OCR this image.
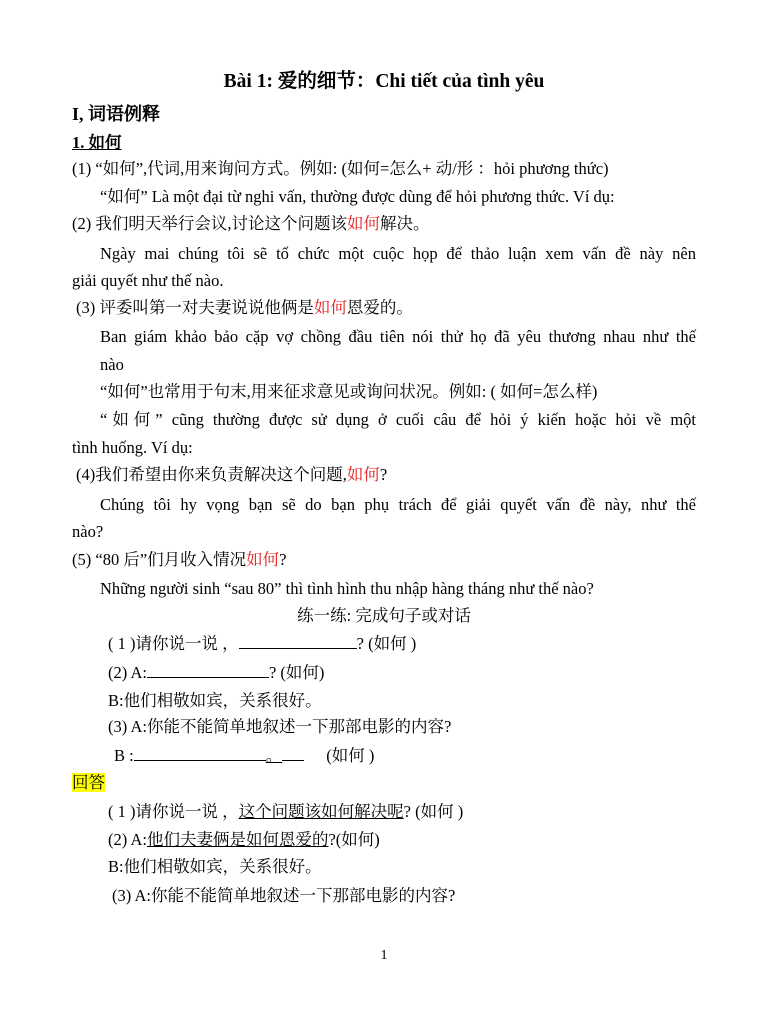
Bài 1: 爱的细节：Chi tiết của tình yêu
I, 词语例释
1. 如何
(1) “如何”,代词,用来询问方式。例如: (如何=怎么+ 动/形 ：hỏi phương thức)
“如何” Là một đại từ nghi vấn, thường được dùng để hỏi phương thức. Ví dụ:
(2) 我们明天举行会议,讨论这个问题该如何解决。
Ngày mai chúng tôi sẽ tổ chức một cuộc họp để thảo luận xem vấn đề này nên
giải quyết như thế nào.
(3) 评委叫第一对夫妻说说他俩是如何恩爱的。
Ban giám khảo bảo cặp vợ chồng đầu tiên nói thử họ đã yêu thương nhau như thế
nào
“如何”也常用于句末,用来征求意见或询问状况。例如: ( 如何=怎么样)
“如何” cũng thường được sử dụng ở cuối câu để hỏi ý kiến hoặc hỏi về một
tình huống. Ví dụ:
(4)我们希望由你来负责解决这个问题,如何?
Chúng tôi hy vọng bạn sẽ do bạn phụ trách để giải quyết vấn đề này, như thế
nào?
(5) “80 后”们月收入情况如何?
Những người sinh “sau 80” thì tình hình thu nhập hàng tháng như thế nào?
练一练: 完成句子或对话
( 1 )请你说一说 ，	? (如何 )
(2) A:	? (如何)
B:他们相敬如宾，关系很好。
(3) A:你能不能简单地叙述一下那部电影的内容?
B :	。	(如何 )
回答
( 1 )请你说一说 ，这个问题该如何解决呢? (如何 )
(2) A:他们夫妻俩是如何恩爱的?(如何)
B:他们相敬如宾，关系很好。
(3) A:你能不能简单地叙述一下那部电影的内容?
1
